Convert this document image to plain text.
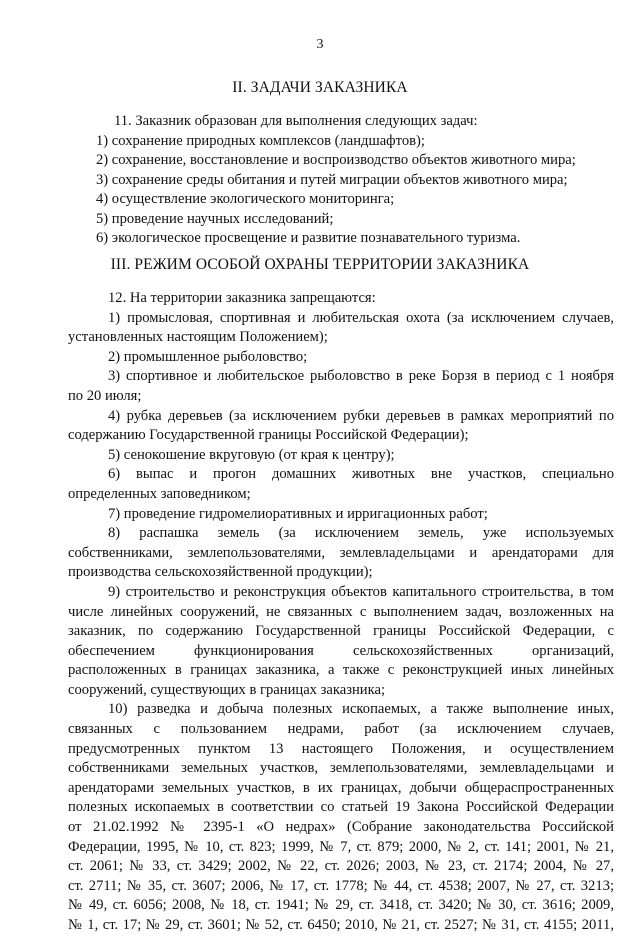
3
II. ЗАДАЧИ ЗАКАЗНИКА
11. Заказник образован для выполнения следующих задач:
1) сохранение природных комплексов (ландшафтов);
2) сохранение, восстановление и воспроизводство объектов животного мира;
3) сохранение среды обитания и путей миграции объектов животного мира;
4) осуществление экологического мониторинга;
5) проведение научных исследований;
6) экологическое просвещение и развитие познавательного туризма.
III. РЕЖИМ ОСОБОЙ ОХРАНЫ ТЕРРИТОРИИ ЗАКАЗНИКА
12. На территории заказника запрещаются:
1) промысловая, спортивная и любительская охота (за исключением случаев,
установленных настоящим Положением);
2) промышленное рыболовство;
3) спортивное и любительское рыболовство в реке Борзя в период с 1 ноября
по 20 июля;
4) рубка деревьев (за исключением рубки деревьев в рамках мероприятий по
содержанию Государственной границы Российской Федерации);
5) сенокошение вкруговую (от края к центру);
6) выпас и прогон домашних животных вне участков, специально
определенных заповедником;
7) проведение гидромелиоративных и ирригационных работ;
8) распашка земель (за исключением земель, уже используемых
собственниками, землепользователями, землевладельцами и арендаторами для
производства сельскохозяйственной продукции);
9) строительство и реконструкция объектов капитального строительства, в том
числе линейных сооружений, не связанных с выполнением задач, возложенных на
заказник, по содержанию Государственной границы Российской Федерации, с
обеспечением функционирования сельскохозяйственных организаций,
расположенных в границах заказника, а также с реконструкцией иных линейных
сооружений, существующих в границах заказника;
10) разведка и добыча полезных ископаемых, а также выполнение иных,
связанных с пользованием недрами, работ (за исключением случаев,
предусмотренных пунктом 13 настоящего Положения, и осуществлением
собственниками земельных участков, землепользователями, землевладельцами и
арендаторами земельных участков, в их границах, добычи общераспространенных
полезных ископаемых в соответствии со статьей 19 Закона Российской Федерации
от 21.02.1992 № 2395-1 «О недрах» (Собрание законодательства Российской
Федерации, 1995, № 10, ст. 823; 1999, № 7, ст. 879; 2000, № 2, ст. 141; 2001, № 21,
ст. 2061; № 33, ст. 3429; 2002, № 22, ст. 2026; 2003, № 23, ст. 2174; 2004, № 27,
ст. 2711; № 35, ст. 3607; 2006, № 17, ст. 1778; № 44, ст. 4538; 2007, № 27, ст. 3213;
№ 49, ст. 6056; 2008, № 18, ст. 1941; № 29, ст. 3418, ст. 3420; № 30, ст. 3616; 2009,
№ 1, ст. 17; № 29, ст. 3601; № 52, ст. 6450; 2010, № 21, ст. 2527; № 31, ст. 4155; 2011,
